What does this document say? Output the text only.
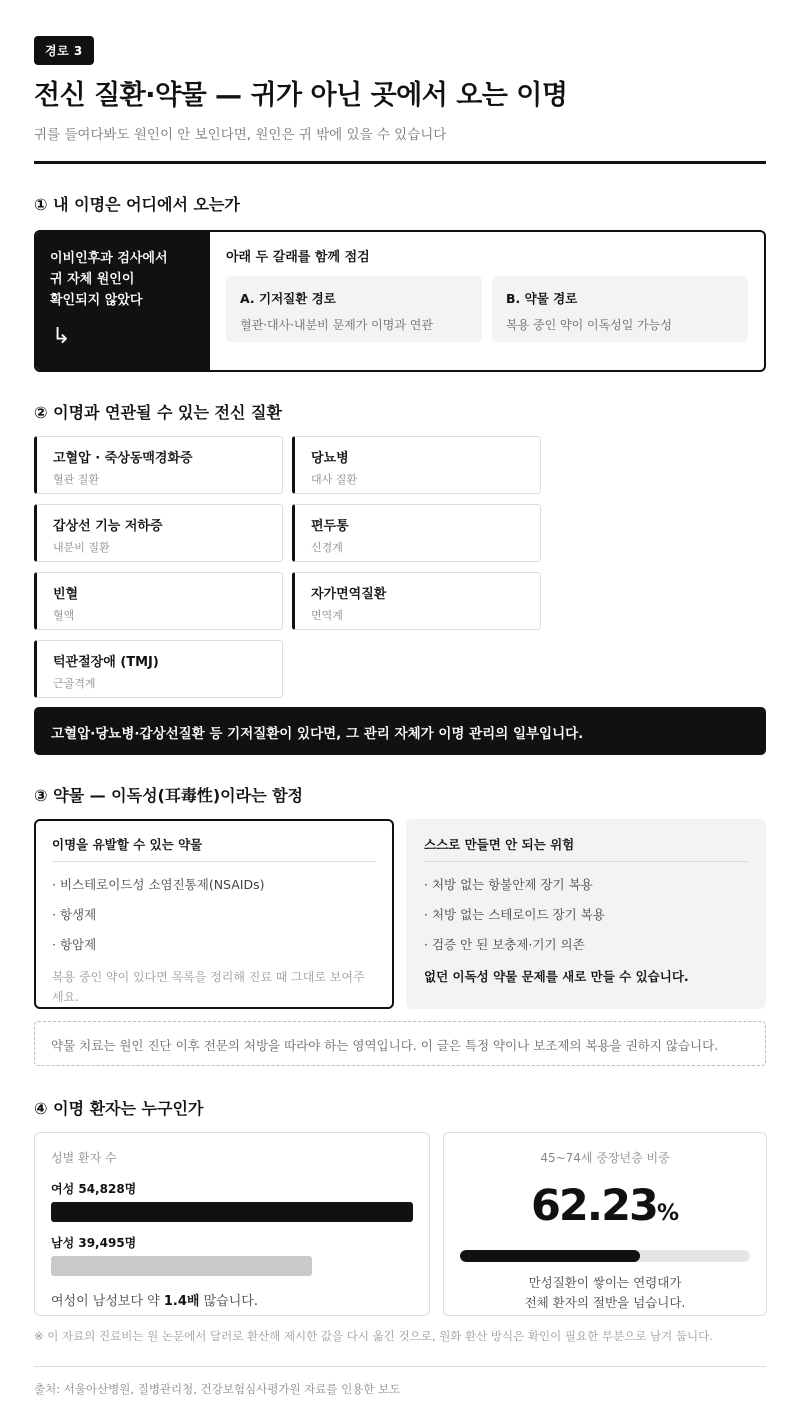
경로 3
전신 질환·약물 — 귀가 아닌 곳에서 오는 이명

귀를 들여다봐도 원인이 안 보인다면, 원인은 귀 밖에 있을 수 있습니다

① 내 이명은 어디에서 오는가
이비인후과 검사에서
귀 자체 원인이
확인되지 않았다
↳
아래 두 갈래를 함께 점검
A. 기저질환 경로
혈관·대사·내분비 문제가 이명과 연관
B. 약물 경로
복용 중인 약이 이독성일 가능성
② 이명과 연관될 수 있는 전신 질환
고혈압 · 죽상동맥경화증
혈관 질환
당뇨병
대사 질환
갑상선 기능 저하증
내분비 질환
편두통
신경계
빈혈
혈액
자가면역질환
면역계
턱관절장애 (TMJ)
근골격계
고혈압·당뇨병·갑상선질환 등 기저질환이 있다면, 그 관리 자체가 이명 관리의 일부입니다.
③ 약물 — 이독성(耳毒性)이라는 함정
이명을 유발할 수 있는 약물
· 비스테로이드성 소염진통제(NSAIDs)
· 항생제
· 항암제
복용 중인 약이 있다면 목록을 정리해 진료 때 그대로 보여주세요.
스스로 만들면 안 되는 위험
· 처방 없는 항불안제 장기 복용
· 처방 없는 스테로이드 장기 복용
· 검증 안 된 보충제·기기 의존
없던 이독성 약물 문제를 새로 만들 수 있습니다.
약물 치료는 원인 진단 이후 전문의 처방을 따라야 하는 영역입니다. 이 글은 특정 약이나 보조제의 복용을 권하지 않습니다.
④ 이명 환자는 누구인가
성별 환자 수
여성 54,828명
남성 39,495명
여성이 남성보다 약 1.4배 많습니다.
45~74세 중장년층 비중
62.23%
만성질환이 쌓이는 연령대가
전체 환자의 절반을 넘습니다.

※ 이 자료의 진료비는 원 논문에서 달러로 환산해 제시한 값을 다시 옮긴 것으로, 원화 환산 방식은 확인이 필요한 부분으로 남겨 둡니다.

출처: 서울아산병원, 질병관리청, 건강보험심사평가원 자료를 인용한 보도
